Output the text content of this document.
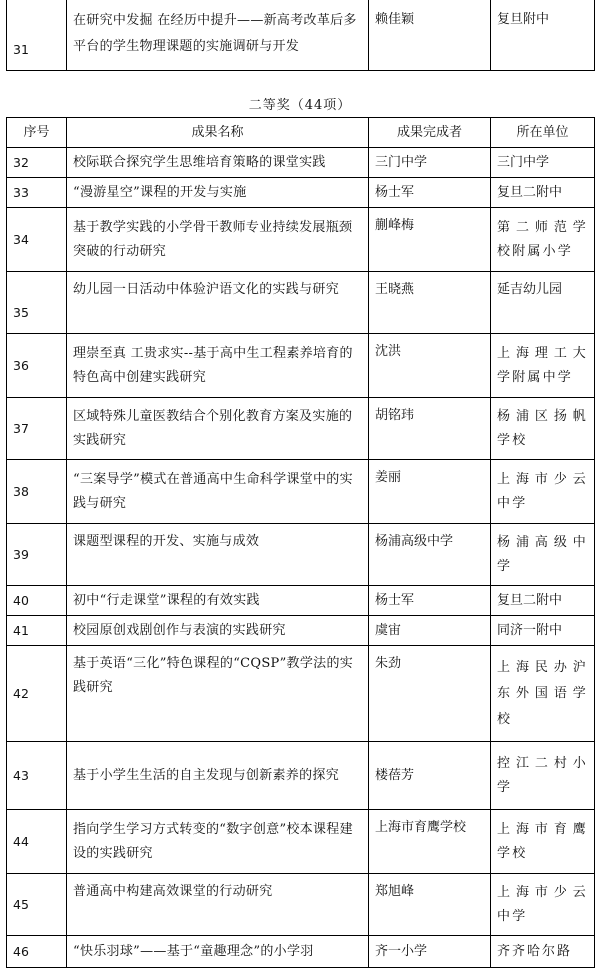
31	在研究中发掘 在经历中提升——新高考改革后多平台的学生物理课题的实施调研与开发	赖佳颖	复旦附中
二等奖（44项）
序号	成果名称	成果完成者	所在单位
32	校际联合探究学生思维培育策略的课堂实践	三门中学	三门中学
33	“漫游星空”课程的开发与实施	杨士军	复旦二附中
34	基于教学实践的小学骨干教师专业持续发展瓶颈突破的行动研究	蒯峰梅	第二师范学校附属小学
35	幼儿园一日活动中体验沪语文化的实践与研究	王晓燕	延吉幼儿园
36	理崇至真 工贵求实--基于高中生工程素养培育的特色高中创建实践研究	沈洪	上海理工大学附属中学
37	区域特殊儿童医教结合个别化教育方案及实施的实践研究	胡铭玮	杨浦区扬帆学校
38	“三案导学”模式在普通高中生命科学课堂中的实践与研究	姜丽	上海市少云中学
39	课题型课程的开发、实施与成效	杨浦高级中学	杨浦高级中学
40	初中“行走课堂”课程的有效实践	杨士军	复旦二附中
41	校园原创戏剧创作与表演的实践研究	虞宙	同济一附中
42	基于英语“三化”特色课程的“CQSP”教学法的实践研究	朱劲	上海民办沪东外国语学校
43	基于小学生生活的自主发现与创新素养的探究	楼蓓芳	控江二村小学
44	指向学生学习方式转变的“数字创意”校本课程建设的实践研究	上海市育鹰学校	上海市育鹰学校
45	普通高中构建高效课堂的行动研究	郑旭峰	上海市少云中学
46	“快乐羽球”——基于“童趣理念”的小学羽	齐一小学	齐齐哈尔路
